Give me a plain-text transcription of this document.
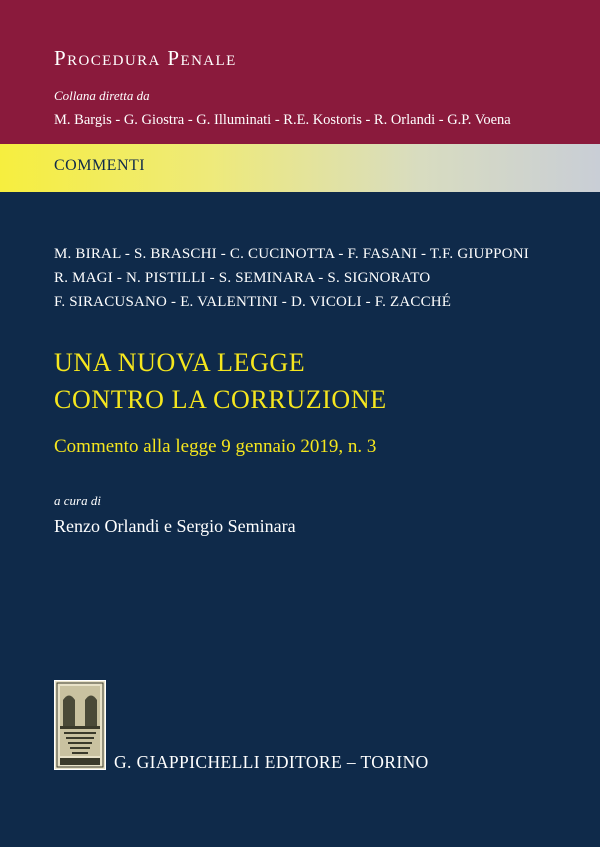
Procedura Penale
Collana diretta da
M. Bargis - G. Giostra - G. Illuminati - R.E. Kostoris - R. Orlandi - G.P. Voena
COMMENTI
M. BIRAL - S. BRASCHI - C. CUCINOTTA - F. FASANI - T.F. GIUPPONI
R. MAGI - N. PISTILLI - S. SEMINARA - S. SIGNORATO
F. SIRACUSANO - E. VALENTINI - D. VICOLI - F. ZACCHÉ
UNA NUOVA LEGGE
CONTRO LA CORRUZIONE
Commento alla legge 9 gennaio 2019, n. 3
a cura di
Renzo Orlandi e Sergio Seminara
G. GIAPPICHELLI EDITORE – TORINO
